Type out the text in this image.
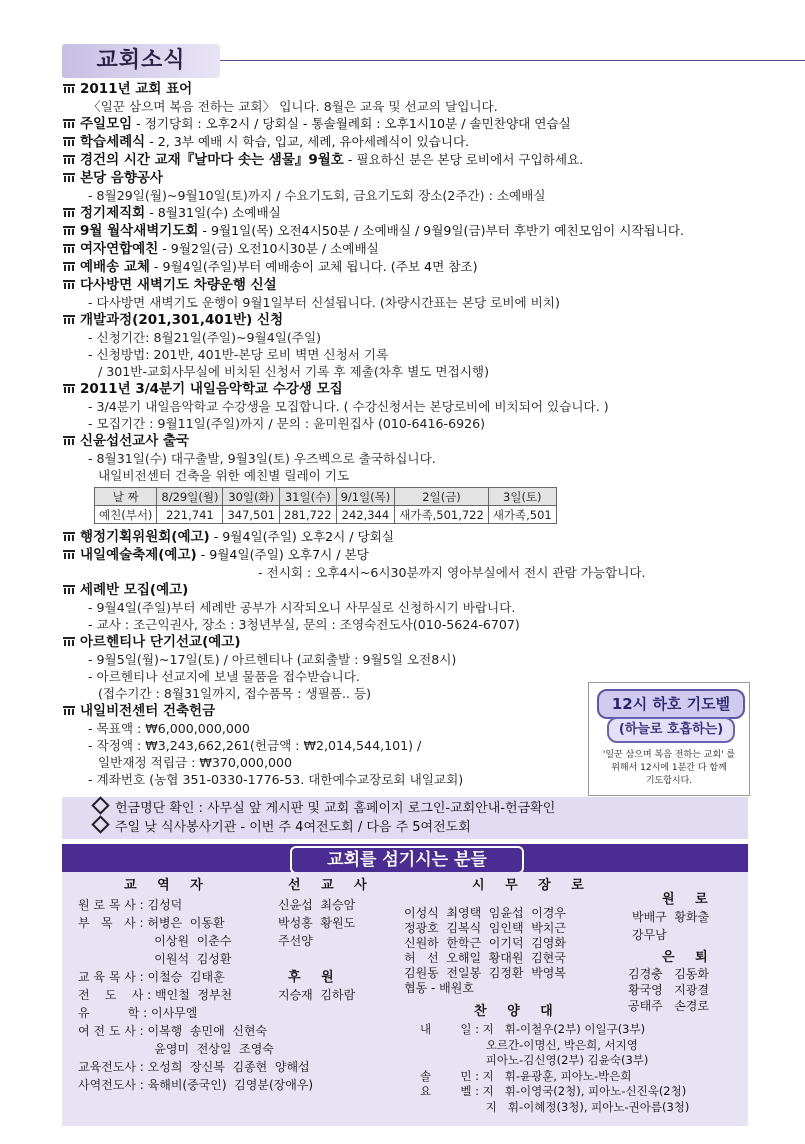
교회소식
2011년 교회 표어
〈일꾼 삼으며 복음 전하는 교회〉 입니다. 8월은 교육 및 선교의 달입니다.
주일모임 - 정기당회 : 오후2시 / 당회실 - 통솔월례회 : 오후1시10분 / 솔민찬양대 연습실
학습세례식 - 2, 3부 예배 시 학습, 입교, 세례, 유아세례식이 있습니다.
경건의 시간 교재『날마다 솟는 샘물』9월호 - 필요하신 분은 본당 로비에서 구입하세요.
본당 음향공사
- 8월29일(월)~9월10일(토)까지 / 수요기도회, 금요기도회 장소(2주간) : 소예배실
정기제직회 - 8월31일(수) 소예배실
9월 월삭새벽기도회 - 9월1일(목) 오전4시50분 / 소예배실 / 9월9일(금)부터 후반기 예친모임이 시작됩니다.
여자연합예친 - 9월2일(금) 오전10시30분 / 소예배실
예배송 교체 - 9월4일(주일)부터 예배송이 교체 됩니다. (주보 4면 참조)
다사방면 새벽기도 차량운행 신설
- 다사방면 새벽기도 운행이 9월1일부터 신설됩니다. (차량시간표는 본당 로비에 비치)
개발과정(201,301,401반) 신청
- 신청기간: 8월21일(주일)~9월4일(주일)
- 신청방법: 201반, 401반-본당 로비 벽면 신청서 기록
/ 301반-교회사무실에 비치된 신청서 기록 후 제출(차후 별도 면접시행)
2011년 3/4분기 내일음악학교 수강생 모집
- 3/4분기 내일음악학교 수강생을 모집합니다. ( 수강신청서는 본당로비에 비치되어 있습니다. )
- 모집기간 : 9월11일(주일)까지 / 문의 : 윤미원집사 (010-6416-6926)
신윤섭선교사 출국
- 8월31일(수) 대구출발, 9월3일(토) 우즈벡으로 출국하십니다.
내일비전센터 건축을 위한 예친별 릴레이 기도
날 짜	8/29일(월)	30일(화)	31일(수)	9/1일(목)	2일(금)	3일(토)
예친(부서)	221,741	347,501	281,722	242,344	새가족,501,722	새가족,501
행정기획위원회(예고) - 9월4일(주일) 오후2시 / 당회실
내일예술축제(예고) - 9월4일(주일) 오후7시 / 본당
- 전시회 : 오후4시~6시30분까지 영아부실에서 전시 관람 가능합니다.
세례반 모집(예고)
- 9월4일(주일)부터 세례반 공부가 시작되오니 사무실로 신청하시기 바랍니다.
- 교사 : 조근익권사, 장소 : 3청년부실, 문의 : 조영숙전도사(010-5624-6707)
아르헨티나 단기선교(예고)
- 9월5일(월)~17일(토) / 아르헨티나 (교회출발 : 9월5일 오전8시)
- 아르헨티나 선교지에 보낼 물품을 접수받습니다.
(접수기간 : 8월31일까지, 접수품목 : 생필품.. 등)
내일비전센터 건축헌금
- 목표액 : ₩6,000,000,000
- 작정액 : ₩3,243,662,261(헌금액 : ₩2,014,544,101) /
일반재정 적립금 : ₩370,000,000
- 계좌번호 (농협 351-0330-1776-53. 대한예수교장로회 내일교회)
12시 하호 기도벨
(하늘로 호흡하는)
'일꾼 삼으며 복음 전하는 교회' 를
위해서 12시에 1분간 다 함께
기도합시다.
헌금명단 확인 : 사무실 앞 게시판 및 교회 홈페이지 로그인-교회안내-헌금확인
주일 낮 식사봉사기관 - 이번 주 4여전도회 / 다음 주 5여전도회
교회를 섬기시는 분들
교 역 자
원 로 목 사 : 김성덕
부   목   사 : 허병은  이동환
이상원  이춘수
이원석  김성환
교 육 목 사 : 이철승  김태훈
전    도    사 : 백인철  정부천
유          학 : 이사무엘
여 전 도 사 : 이복행  송민애  신현숙
윤영미  전상일  조영숙
교육전도사 : 오성희  장신복  김종현  양해섭
사역전도사 : 육해비(중국인)  김영분(장애우)
선 교 사
신윤섭  최승암
박성홍  황원도
주선양
후 원
지승재  김하람
시 무 장 로
이성식  최영택  임윤섭  이경우
정광호  김복식  임인택  박치근
신원하  한학근  이기덕  김영화
허   선  오해일  황대원  김현국
김원동  전일봉  김정환  박영복
협동 - 배원호
원 로
박배구  황화출
강무남
은 퇴
김경충   김동화
황국영   지광결
공태주   손경로
찬 양 대
내        일 : 지   휘-이철우(2부) 이일구(3부)
오르간-이명신, 박은희, 서지영
피아노-김신영(2부) 김윤숙(3부)
솔        민 : 지   휘-윤광훈, 피아노-박은희
요        벨 : 지   휘-이영국(2청), 피아노-신진욱(2청)
지   휘-이혜정(3청), 피아노-권아름(3청)
